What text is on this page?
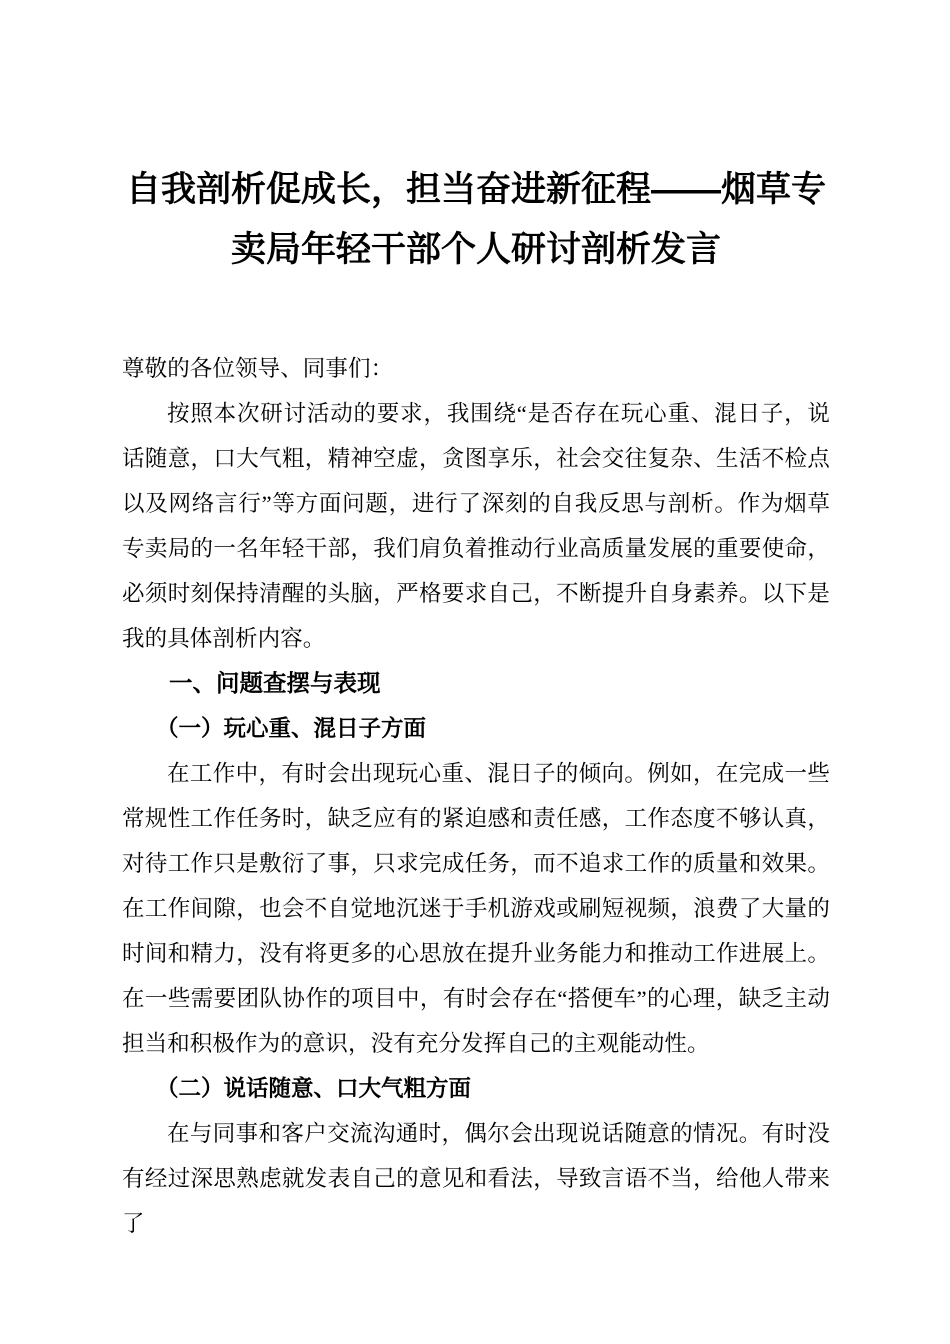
自我剖析促成长，担当奋进新征程——烟草专卖局年轻干部个人研讨剖析发言

尊敬的各位领导、同事们：

按照本次研讨活动的要求，我围绕“是否存在玩心重、混日子，说话随意，口大气粗，精神空虚，贪图享乐，社会交往复杂、生活不检点以及网络言行”等方面问题，进行了深刻的自我反思与剖析。作为烟草专卖局的一名年轻干部，我们肩负着推动行业高质量发展的重要使命，必须时刻保持清醒的头脑，严格要求自己，不断提升自身素养。以下是我的具体剖析内容。

一、问题查摆与表现
（一）玩心重、混日子方面

在工作中，有时会出现玩心重、混日子的倾向。例如，在完成一些常规性工作任务时，缺乏应有的紧迫感和责任感，工作态度不够认真，对待工作只是敷衍了事，只求完成任务，而不追求工作的质量和效果。在工作间隙，也会不自觉地沉迷于手机游戏或刷短视频，浪费了大量的时间和精力，没有将更多的心思放在提升业务能力和推动工作进展上。在一些需要团队协作的项目中，有时会存在“搭便车”的心理，缺乏主动担当和积极作为的意识，没有充分发挥自己的主观能动性。

（二）说话随意、口大气粗方面

在与同事和客户交流沟通时，偶尔会出现说话随意的情况。有时没有经过深思熟虑就发表自己的意见和看法，导致言语不当，给他人带来了
